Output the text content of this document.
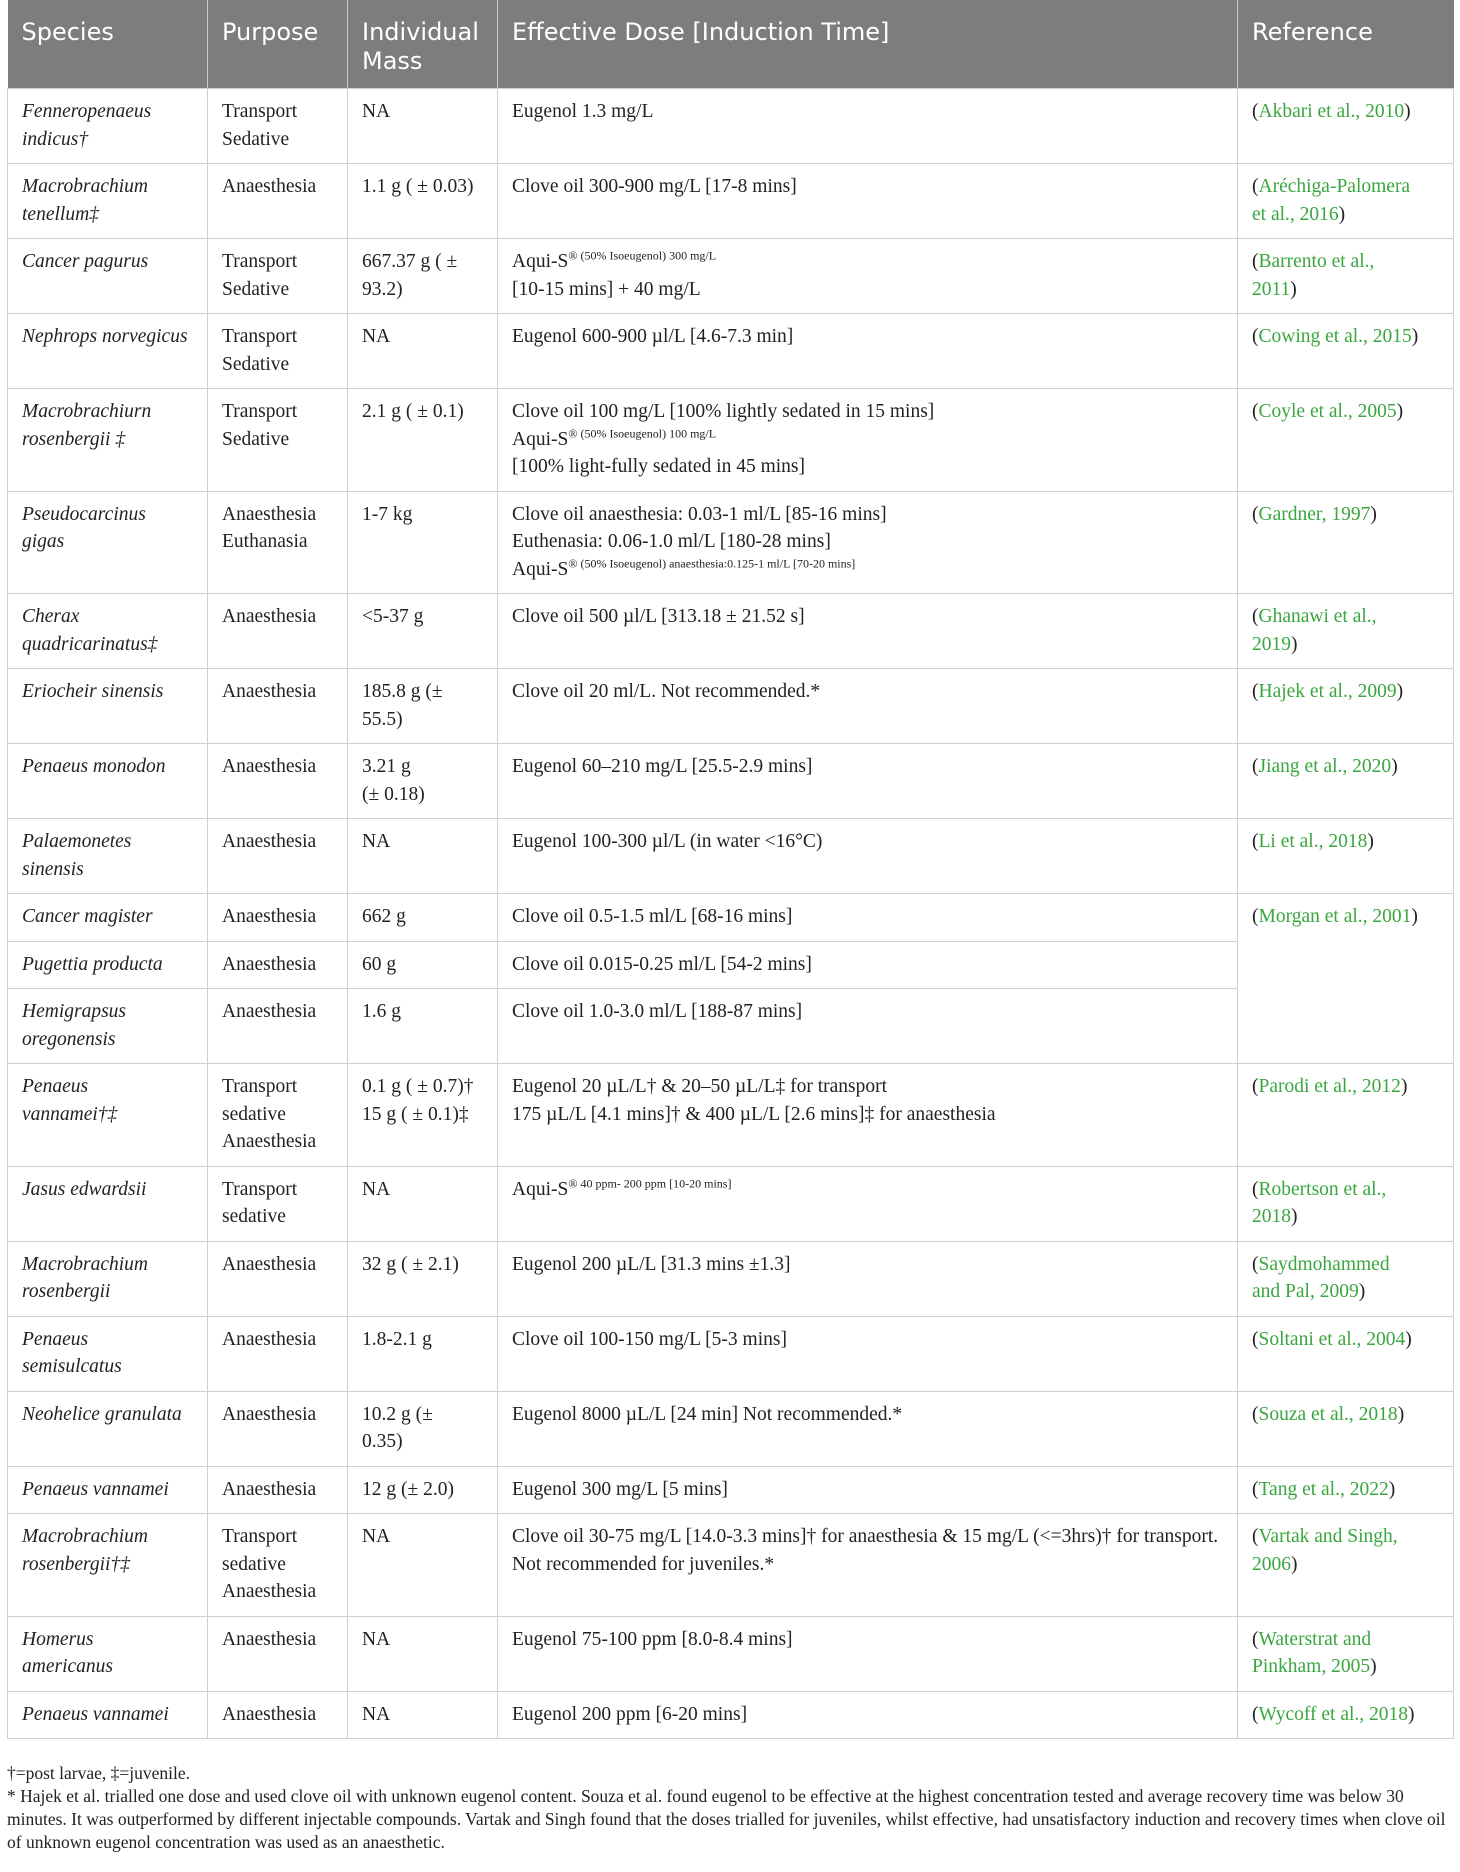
Species	Purpose	Individual Mass	Effective Dose [Induction Time]	Reference

Fenneropenaeus
indicus†	Transport
Sedative	NA	Eugenol 1.3 mg/L	(Akbari et al., 2010)

Macrobrachium
tenellum‡	Anaesthesia	1.1 g ( ± 0.03)	Clove oil 300-900 mg/L [17-8 mins]	(Aréchiga-Palomera
et al., 2016)

Cancer pagurus	Transport
Sedative	667.37 g ( ±
93.2)	Aqui-$S^{® (50\% Isoeugenol) 300 mg/L}$
[10-15 mins] + 40 mg/L	(Barrento et al.,
2011)

Nephrops norvegicus	Transport
Sedative	NA	Eugenol 600-900 µl/L [4.6-7.3 min]	(Cowing et al., 2015)

Macrobrachiurn
rosenbergii ‡	Transport
Sedative	2.1 g ( ± 0.1)	Clove oil 100 mg/L [100% lightly sedated in 15 mins]
Aqui-$S^{® (50\% Isoeugenol) 100 mg/L}$
[100% light-fully sedated in 45 mins]	(Coyle et al., 2005)

Pseudocarcinus
gigas	Anaesthesia
Euthanasia	1-7 kg	Clove oil anaesthesia: 0.03-1 ml/L [85-16 mins]
Euthenasia: 0.06-1.0 ml/L [180-28 mins]
Aqui-$S^{® (50\% Isoeugenol) anaesthesia:0.125-1 ml/L [70-20 mins]}$	(Gardner, 1997)

Cherax
quadricarinatus‡	Anaesthesia	<5-37 g	Clove oil 500 µl/L [313.18 ± 21.52 s]	(Ghanawi et al.,
2019)

Eriocheir sinensis	Anaesthesia	185.8 g (±
55.5)	Clove oil 20 ml/L. Not recommended.*	(Hajek et al., 2009)

Penaeus monodon	Anaesthesia	3.21 g
(± 0.18)	Eugenol 60–210 mg/L [25.5-2.9 mins]	(Jiang et al., 2020)

Palaemonetes
sinensis	Anaesthesia	NA	Eugenol 100-300 µl/L (in water <16°C)	(Li et al., 2018)

Cancer magister	Anaesthesia	662 g	Clove oil 0.5-1.5 ml/L [68-16 mins]	(Morgan et al., 2001)

Pugettia producta	Anaesthesia	60 g	Clove oil 0.015-0.25 ml/L [54-2 mins]	

Hemigrapsus
oregonensis	Anaesthesia	1.6 g	Clove oil 1.0-3.0 ml/L [188-87 mins]	

Penaeus
vannamei†‡	Transport
sedative
Anaesthesia	0.1 g ( ± 0.7)†
15 g ( ± 0.1)‡	Eugenol 20 µL/L† & 20–50 µL/L‡ for transport
175 µL/L [4.1 mins]† & 400 µL/L [2.6 mins]‡ for anaesthesia	(Parodi et al., 2012)

Jasus edwardsii	Transport
sedative	NA	Aqui-$S^{® 40 ppm- 200 ppm [10-20 mins]}$	(Robertson et al.,
2018)

Macrobrachium
rosenbergii	Anaesthesia	32 g ( ± 2.1)	Eugenol 200 µL/L [31.3 mins ±1.3]	(Saydmohammed
and Pal, 2009)

Penaeus
semisulcatus	Anaesthesia	1.8-2.1 g	Clove oil 100-150 mg/L [5-3 mins]	(Soltani et al., 2004)

Neohelice granulata	Anaesthesia	10.2 g (±
0.35)	Eugenol 8000 µL/L [24 min] Not recommended.*	(Souza et al., 2018)

Penaeus vannamei	Anaesthesia	12 g (± 2.0)	Eugenol 300 mg/L [5 mins]	(Tang et al., 2022)

Macrobrachium
rosenbergii†‡	Transport
sedative
Anaesthesia	NA	Clove oil 30-75 mg/L [14.0-3.3 mins]† for anaesthesia & 15 mg/L (<=3hrs)† for transport. Not recommended for juveniles.*	(Vartak and Singh,
2006)

Homerus
americanus	Anaesthesia	NA	Eugenol 75-100 ppm [8.0-8.4 mins]	(Waterstrat and
Pinkham, 2005)

Penaeus vannamei	Anaesthesia	NA	Eugenol 200 ppm [6-20 mins]	(Wycoff et al., 2018)

†=post larvae, ‡=juvenile.

* Hajek et al. trialled one dose and used clove oil with unknown eugenol content. Souza et al. found eugenol to be effective at the highest concentration tested and average recovery time was below 30 minutes. It was outperformed by different injectable compounds. Vartak and Singh found that the doses trialled for juveniles, whilst effective, had unsatisfactory induction and recovery times when clove oil of unknown eugenol concentration was used as an anaesthetic.
